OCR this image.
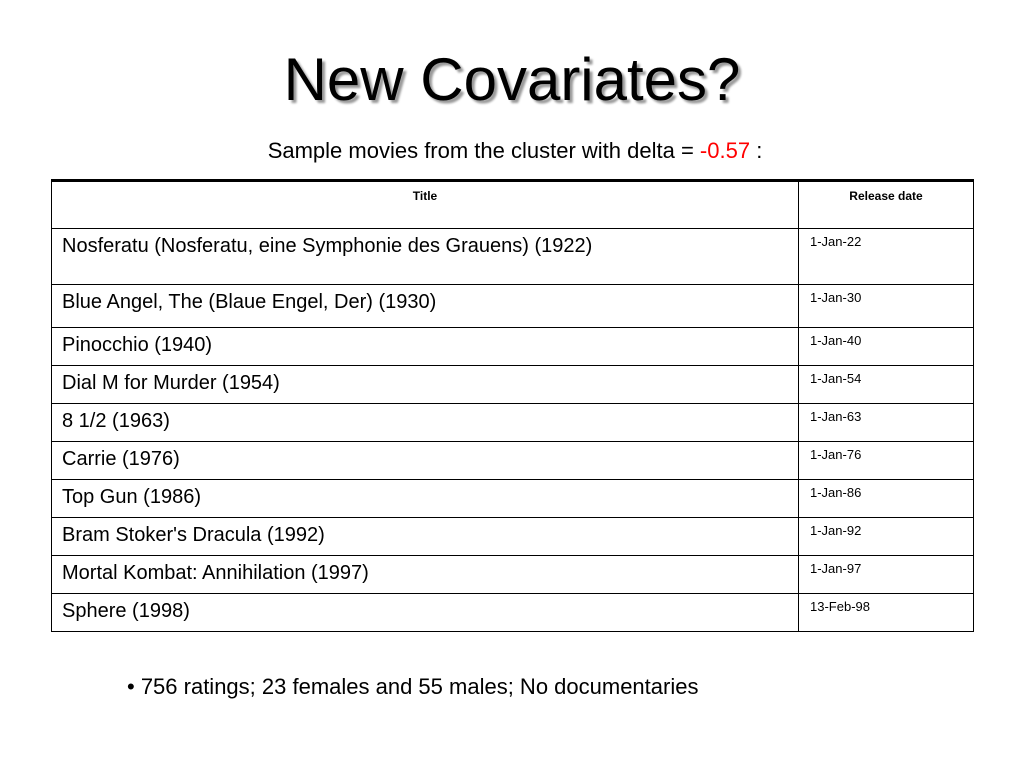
New Covariates?
Sample movies from the cluster with delta = -0.57 :
Title	Release date
Nosferatu (Nosferatu, eine Symphonie des Grauens) (1922)	1-Jan-22
Blue Angel, The (Blaue Engel, Der) (1930)	1-Jan-30
Pinocchio (1940)	1-Jan-40
Dial M for Murder (1954)	1-Jan-54
8 1/2 (1963)	1-Jan-63
Carrie (1976)	1-Jan-76
Top Gun (1986)	1-Jan-86
Bram Stoker's Dracula (1992)	1-Jan-92
Mortal Kombat: Annihilation (1997)	1-Jan-97
Sphere (1998)	13-Feb-98
• 756 ratings; 23 females and 55 males; No documentaries
